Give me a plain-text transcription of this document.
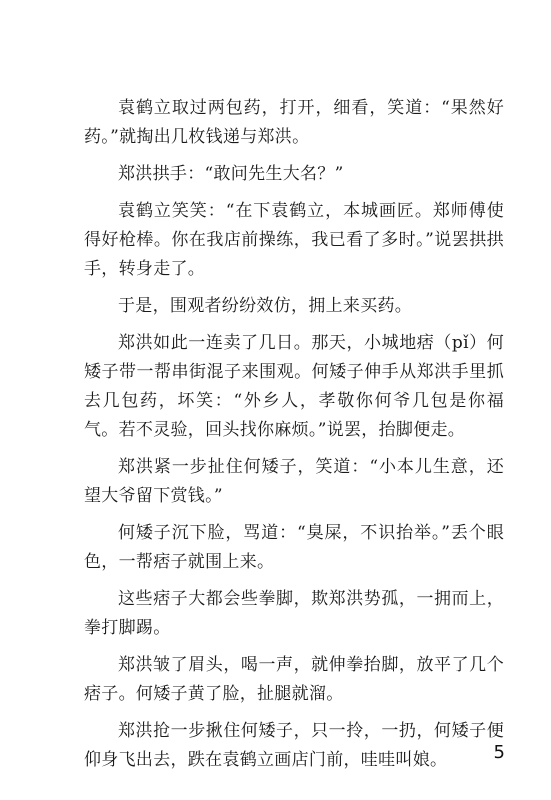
袁鹤立取过两包药，打开，细看，笑道：“果然好药。”就掏出几枚钱递与郑洪。

郑洪拱手：“敢问先生大名？”

袁鹤立笑笑：“在下袁鹤立，本城画匠。郑师傅使得好枪棒。你在我店前操练，我已看了多时。”说罢拱拱手，转身走了。

于是，围观者纷纷效仿，拥上来买药。

郑洪如此一连卖了几日。那天，小城地痞（pǐ）何矮子带一帮串街混子来围观。何矮子伸手从郑洪手里抓去几包药，坏笑：“外乡人，孝敬你何爷几包是你福气。若不灵验，回头找你麻烦。”说罢，抬脚便走。

郑洪紧一步扯住何矮子，笑道：“小本儿生意，还望大爷留下赏钱。”

何矮子沉下脸，骂道：“臭屎，不识抬举。”丢个眼色，一帮痞子就围上来。

这些痞子大都会些拳脚，欺郑洪势孤，一拥而上，拳打脚踢。

郑洪皱了眉头，喝一声，就伸拳抬脚，放平了几个痞子。何矮子黄了脸，扯腿就溜。

郑洪抢一步揪住何矮子，只一拎，一扔，何矮子便仰身飞出去，跌在袁鹤立画店门前，哇哇叫娘。	5
